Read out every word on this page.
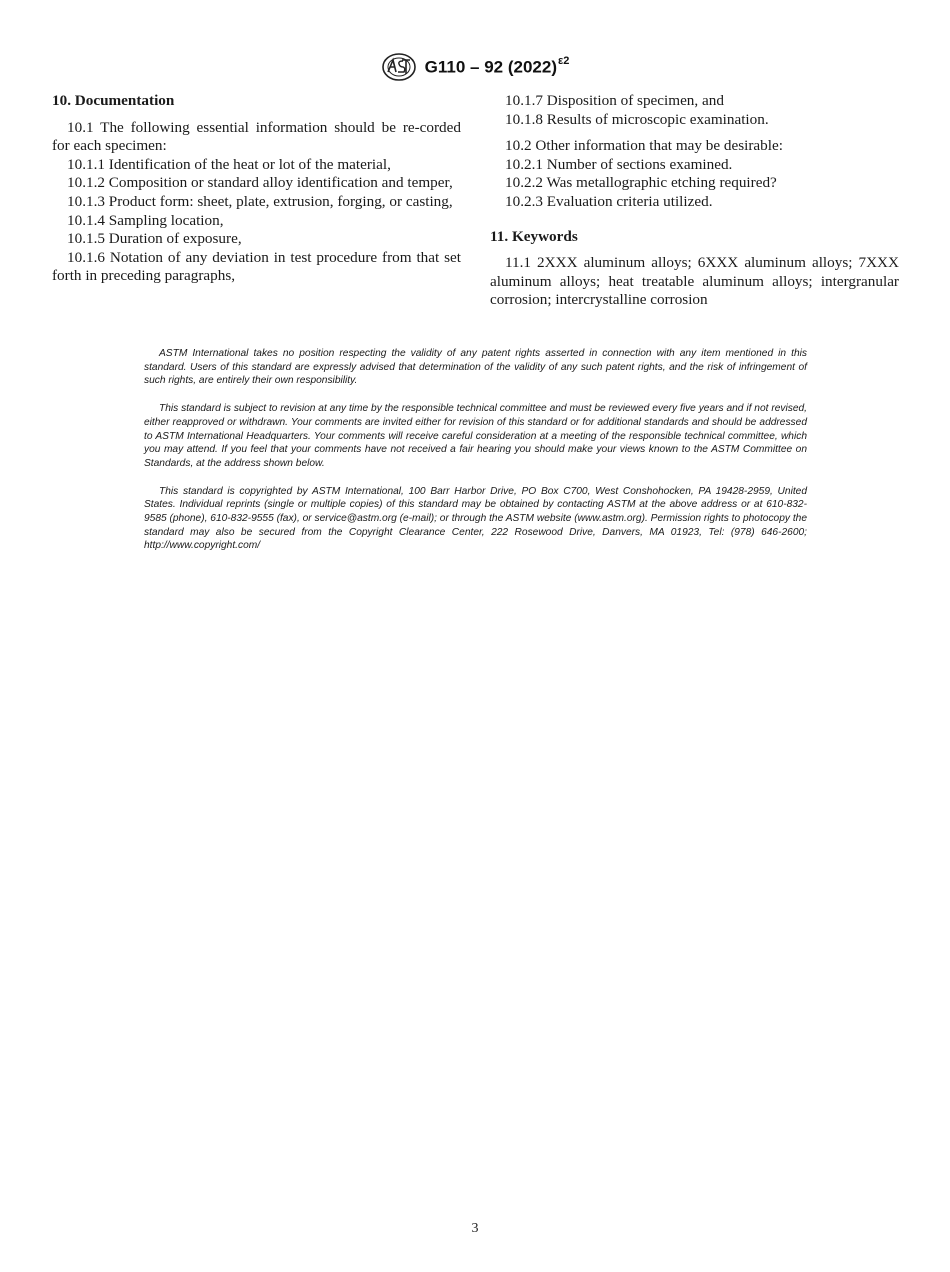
G110 – 92 $(2022)^{\varepsilon 2}$
10. Documentation

10.1 The following essential information should be re-corded for each specimen:

10.1.1 Identification of the heat or lot of the material,

10.1.2 Composition or standard alloy identification and temper,

10.1.3 Product form: sheet, plate, extrusion, forging, or casting,

10.1.4 Sampling location,

10.1.5 Duration of exposure,

10.1.6 Notation of any deviation in test procedure from that set forth in preceding paragraphs,

10.1.7 Disposition of specimen, and

10.1.8 Results of microscopic examination.

10.2 Other information that may be desirable:

10.2.1 Number of sections examined.

10.2.2 Was metallographic etching required?

10.2.3 Evaluation criteria utilized.

11. Keywords

11.1 2XXX aluminum alloys; 6XXX aluminum alloys; 7XXX aluminum alloys; heat treatable aluminum alloys; intergranular corrosion; intercrystalline corrosion

ASTM International takes no position respecting the validity of any patent rights asserted in connection with any item mentioned in this standard. Users of this standard are expressly advised that determination of the validity of any such patent rights, and the risk of infringement of such rights, are entirely their own responsibility.

This standard is subject to revision at any time by the responsible technical committee and must be reviewed every five years and if not revised, either reapproved or withdrawn. Your comments are invited either for revision of this standard or for additional standards and should be addressed to ASTM International Headquarters. Your comments will receive careful consideration at a meeting of the responsible technical committee, which you may attend. If you feel that your comments have not received a fair hearing you should make your views known to the ASTM Committee on Standards, at the address shown below.

This standard is copyrighted by ASTM International, 100 Barr Harbor Drive, PO Box C700, West Conshohocken, PA 19428-2959, United States. Individual reprints (single or multiple copies) of this standard may be obtained by contacting ASTM at the above address or at 610-832-9585 (phone), 610-832-9555 (fax), or service@astm.org (e-mail); or through the ASTM website (www.astm.org). Permission rights to photocopy the standard may also be secured from the Copyright Clearance Center, 222 Rosewood Drive, Danvers, MA 01923, Tel: (978) 646-2600; http://www.copyright.com/

3
